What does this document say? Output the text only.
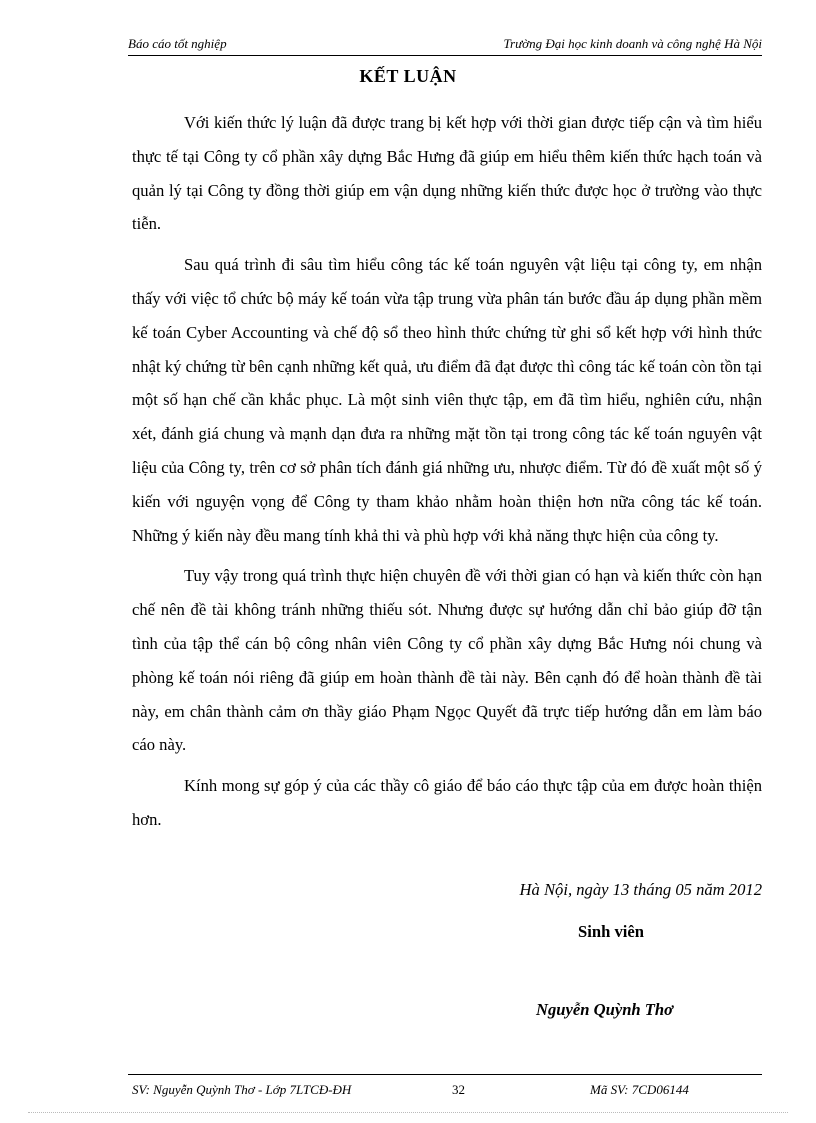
Báo cáo tốt nghiệp	Trường Đại học kinh doanh và công nghệ Hà Nội
KẾT LUẬN

Với kiến thức lý luận đã được trang bị kết hợp với thời gian được tiếp cận và tìm hiểu thực tế tại Công ty cổ phần xây dựng Bắc Hưng đã giúp em hiểu thêm kiến thức hạch toán và quản lý tại Công ty đồng thời giúp em vận dụng những kiến thức được học ở trường vào thực tiễn.

Sau quá trình đi sâu tìm hiểu công tác kế toán nguyên vật liệu tại công ty, em nhận thấy với việc tổ chức bộ máy kế toán vừa tập trung vừa phân tán bước đầu áp dụng phần mềm kế toán Cyber Accounting và chế độ sổ theo hình thức chứng từ ghi sổ kết hợp với hình thức nhật ký chứng từ bên cạnh những kết quả, ưu điểm đã đạt được thì công tác kế toán còn tồn tại một số hạn chế cần khắc phục. Là một sinh viên thực tập, em đã tìm hiểu, nghiên cứu, nhận xét, đánh giá chung và mạnh dạn đưa ra những mặt tồn tại trong công tác kế toán nguyên vật liệu của Công ty, trên cơ sở phân tích đánh giá những ưu, nhược điểm. Từ đó đề xuất một số ý kiến với nguyện vọng để Công ty tham khảo nhằm hoàn thiện hơn nữa công tác kế toán. Những ý kiến này đều mang tính khả thi và phù hợp với khả năng thực hiện của công ty.

Tuy vậy trong quá trình thực hiện chuyên đề với thời gian có hạn và kiến thức còn hạn chế nên đề tài không tránh những thiếu sót. Nhưng được sự hướng dẫn chỉ bảo giúp đỡ tận tình của tập thể cán bộ công nhân viên Công ty cổ phần xây dựng Bắc Hưng nói chung và phòng kế toán nói riêng đã giúp em hoàn thành đề tài này. Bên cạnh đó để hoàn thành đề tài này, em chân thành cảm ơn thầy giáo Phạm Ngọc Quyết đã trực tiếp hướng dẫn em làm báo cáo này.

Kính mong sự góp ý của các thầy cô giáo để báo cáo thực tập của em được hoàn thiện hơn.

Hà Nội, ngày 13 tháng 05 năm 2012
Sinh viên
Nguyễn Quỳnh Thơ
SV: Nguyễn Quỳnh Thơ - Lớp 7LTCĐ-ĐH	32	Mã SV: 7CD06144
